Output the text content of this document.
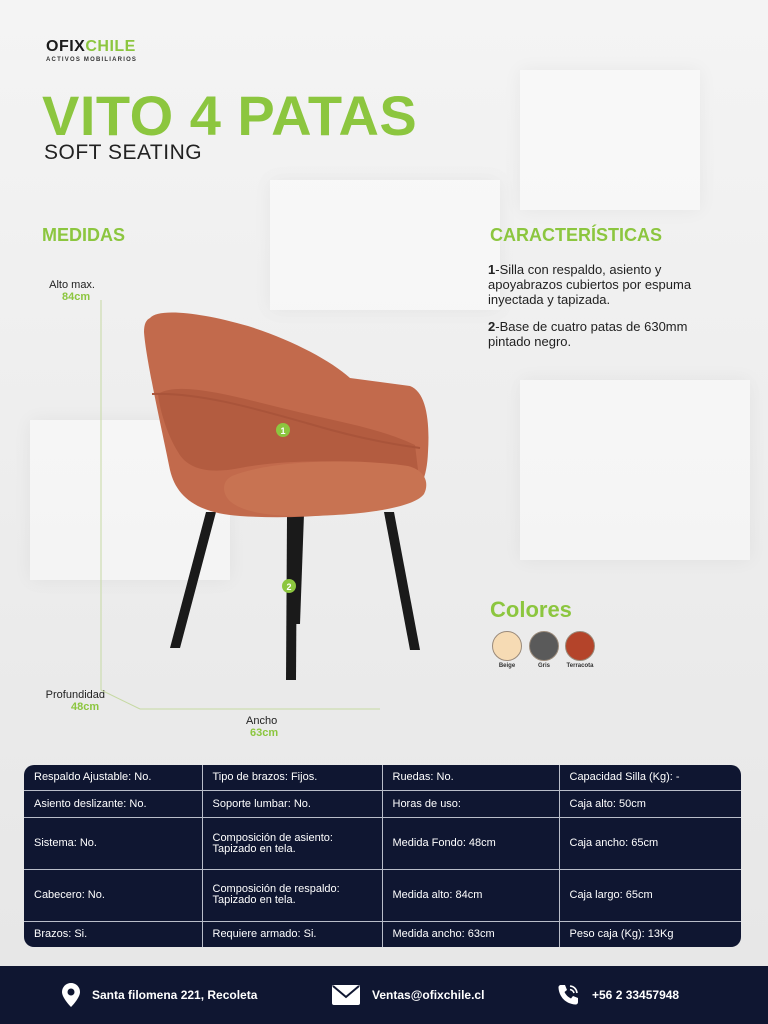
OFIXCHILE
ACTIVOS MOBILIARIOS
VITO 4 PATAS
SOFT SEATING
MEDIDAS	CARACTERÍSTICAS
Alto max.
84cm
Profundidad
48cm
Ancho
63cm
1
2
1-Silla con respaldo, asiento y apoyabrazos cubiertos por espuma inyectada y tapizada.
2-Base de cuatro patas de 630mm pintado negro.
Colores
Beige	Gris	Terracota
Respaldo Ajustable: No.	Tipo de brazos: Fijos.	Ruedas: No.	Capacidad Silla (Kg): -
Asiento deslizante: No.	Soporte lumbar: No.	Horas de uso:	Caja alto: 50cm
Sistema: No.	Composición de asiento: Tapizado en tela.	Medida Fondo: 48cm	Caja ancho: 65cm
Cabecero: No.	Composición de respaldo: Tapizado en tela.	Medida alto: 84cm	Caja largo: 65cm
Brazos: Si.	Requiere armado: Si.	Medida ancho: 63cm	Peso caja (Kg): 13Kg
Santa filomena 221, Recoleta	Ventas@ofixchile.cl	+56 2 33457948
